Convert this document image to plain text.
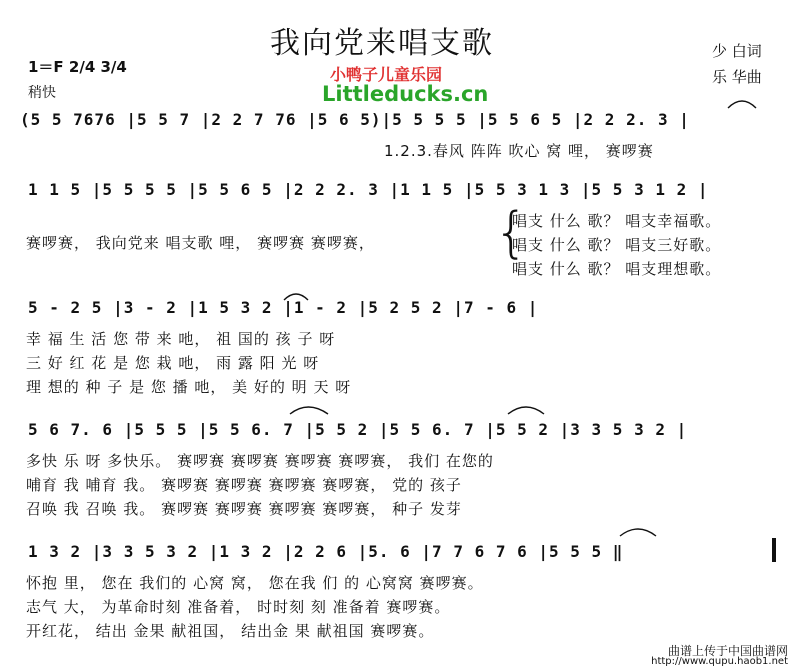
我向党来唱支歌	少 白词
乐 华曲
1＝F 2/4 3/4
稍快
小鸭子儿童乐园
Littleducks.cn
(5 5 7676 |5 5 7 |2 2 7 76 |5 6 5)|5 5 5 5 |5 5 6 5 |2 2 2. 3 |
1.2.3.春风 阵阵 吹心 窝 哩， 赛啰赛
1 1 5 |5 5 5 5 |5 5 6 5 |2 2 2. 3 |1 1 5 |5 5 3 1 3 |5 5 3 1 2 |
赛啰赛， 我向党来 唱支歌 哩， 赛啰赛 赛啰赛， {
唱支 什么 歌？ 唱支幸福歌。
唱支 什么 歌？ 唱支三好歌。
唱支 什么 歌？ 唱支理想歌。
5 - 2 5 |3 - 2 |1 5 3 2 |1 - 2 |5 2 5 2 |7 - 6 |
幸 福 生 活 您 带 来 吔， 祖 国的 孩 子 呀
三 好 红 花 是 您 栽 吔， 雨 露 阳 光 呀
理 想的 种 子 是 您 播 吔， 美 好的 明 天 呀
5 6 7. 6 |5 5 5 |5 5 6. 7 |5 5 2 |5 5 6. 7 |5 5 2 |3 3 5 3 2 |
多快 乐 呀 多快乐。 赛啰赛 赛啰赛 赛啰赛 赛啰赛， 我们 在您的
哺育 我 哺育 我。 赛啰赛 赛啰赛 赛啰赛 赛啰赛， 党的 孩子
召唤 我 召唤 我。 赛啰赛 赛啰赛 赛啰赛 赛啰赛， 种子 发芽
1 3 2 |3 3 5 3 2 |1 3 2 |2 2 6 |5. 6 |7 7 6 7 6 |5 5 5 ‖
怀抱 里， 您在 我们的 心窝 窝， 您在我 们 的 心窝窝 赛啰赛。
志气 大， 为革命时刻 准备着， 时时刻 刻 准备着 赛啰赛。
开红花， 结出 金果 献祖国， 结出金 果 献祖国 赛啰赛。
曲谱上传于中国曲谱网
http://www.qupu.haob1.net
